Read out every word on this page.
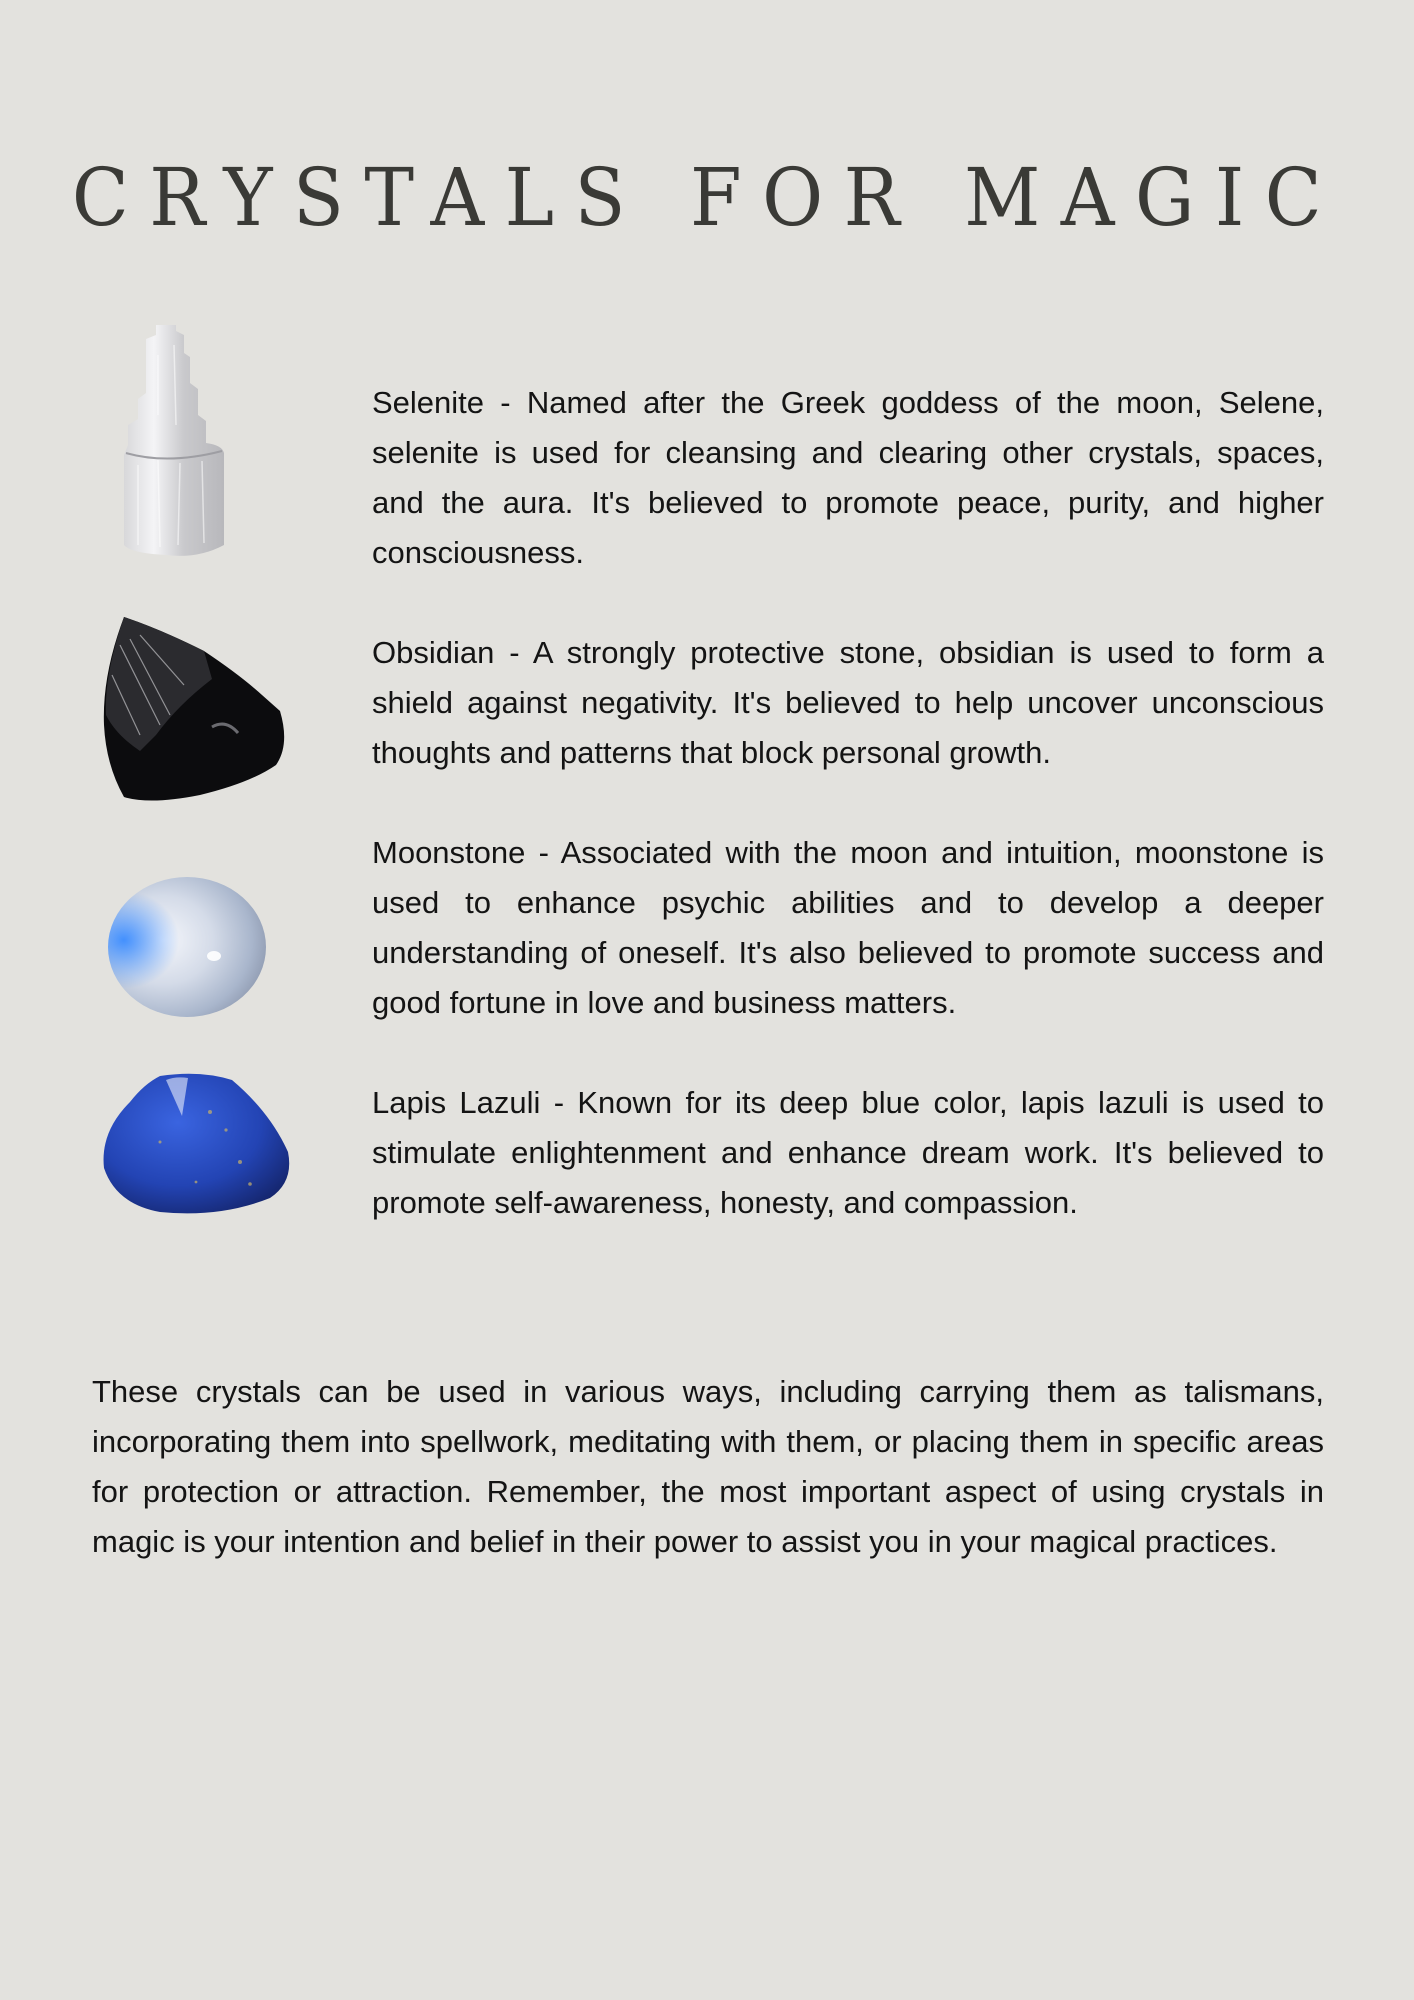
CRYSTALS FOR MAGIC

Selenite - Named after the Greek goddess of the moon, Selene, selenite is used for cleansing and clearing other crystals, spaces, and the aura. It's believed to promote peace, purity, and higher consciousness.

Obsidian - A strongly protective stone, obsidian is used to form a shield against negativity. It's believed to help uncover unconscious thoughts and patterns that block personal growth.

Moonstone - Associated with the moon and intuition, moonstone is used to enhance psychic abilities and to develop a deeper understanding of oneself. It's also believed to promote success and good fortune in love and business matters.

Lapis Lazuli - Known for its deep blue color, lapis lazuli is used to stimulate enlightenment and enhance dream work. It's believed to promote self-awareness, honesty, and compassion.

These crystals can be used in various ways, including carrying them as talismans, incorporating them into spellwork, meditating with them, or placing them in specific areas for protection or attraction. Remember, the most important aspect of using crystals in magic is your intention and belief in their power to assist you in your magical practices.
